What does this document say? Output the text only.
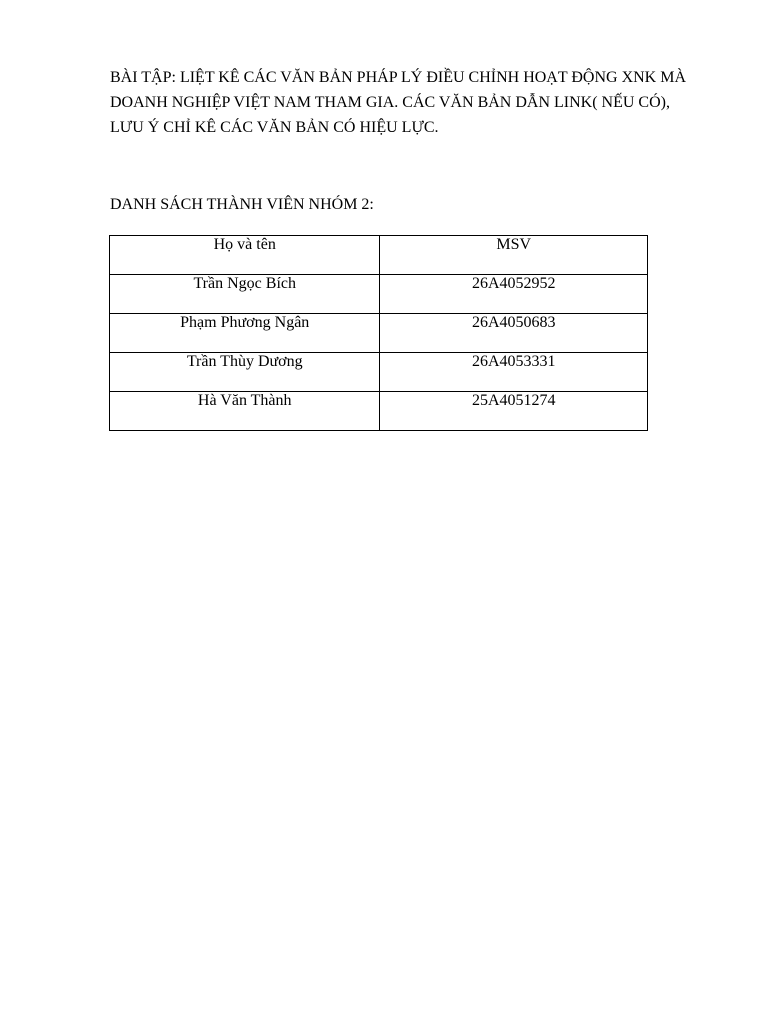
BÀI TẬP: LIỆT KÊ CÁC VĂN BẢN PHÁP LÝ ĐIỀU CHỈNH HOẠT ĐỘNG XNK MÀ DOANH NGHIỆP VIỆT NAM THAM GIA. CÁC VĂN BẢN DẪN LINK( NẾU CÓ), LƯU Ý CHỈ KÊ CÁC VĂN BẢN CÓ HIỆU LỰC.

DANH SÁCH THÀNH VIÊN NHÓM 2:

Họ và tên	MSV

Trần Ngọc Bích	26A4052952

Phạm Phương Ngân	26A4050683

Trần Thùy Dương	26A4053331

Hà Văn Thành	25A4051274
